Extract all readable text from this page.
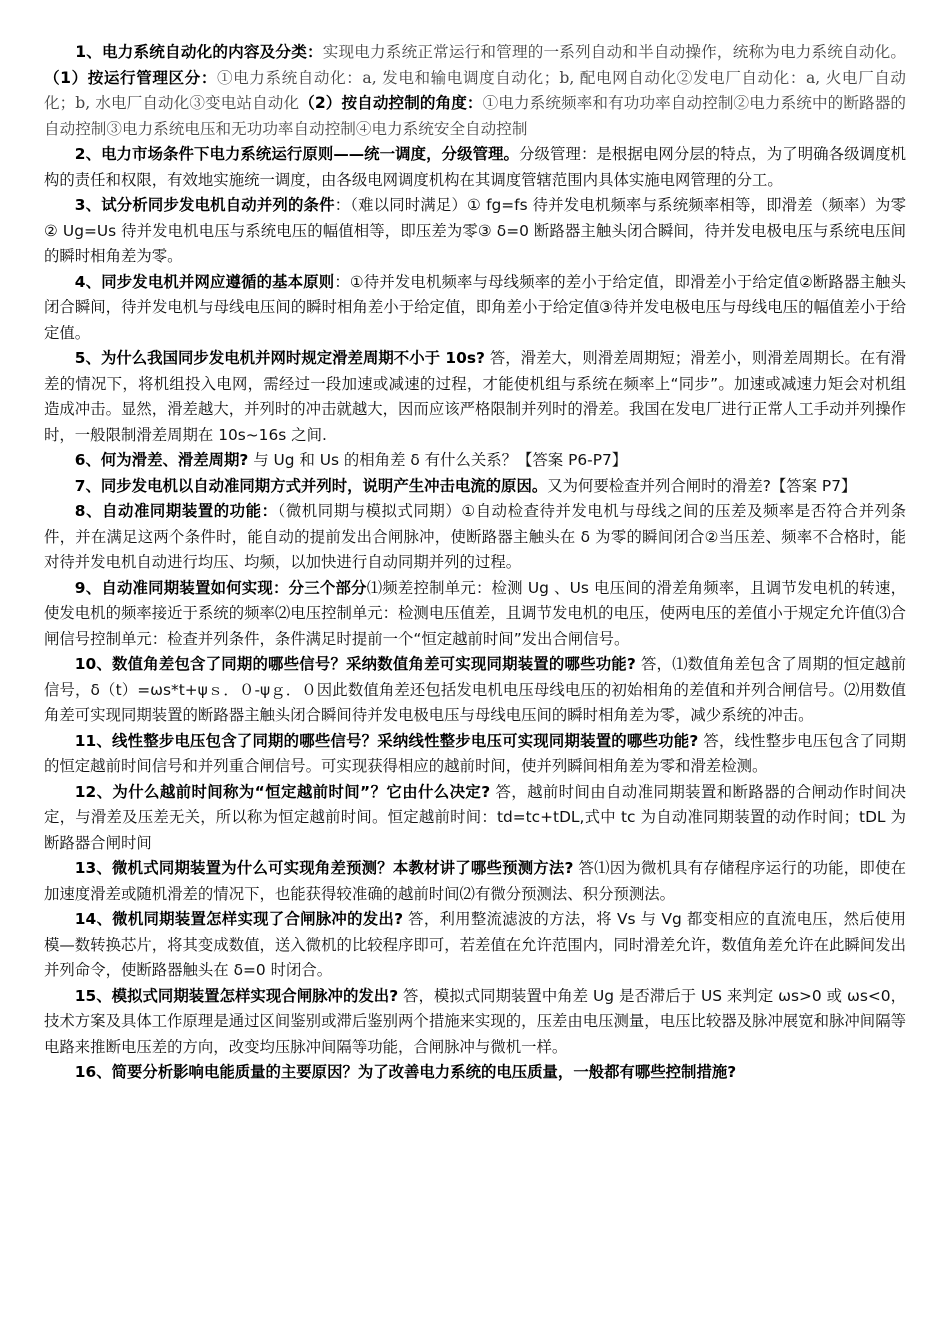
1、电力系统自动化的内容及分类：实现电力系统正常运行和管理的一系列自动和半自动操作，统称为电力系统自动化。（1）按运行管理区分：①电力系统自动化：a, 发电和输电调度自动化；b, 配电网自动化②发电厂自动化：a, 火电厂自动化；b, 水电厂自动化③变电站自动化（2）按自动控制的角度：①电力系统频率和有功功率自动控制②电力系统中的断路器的自动控制③电力系统电压和无功功率自动控制④电力系统安全自动控制

2、电力市场条件下电力系统运行原则——统一调度，分级管理。分级管理：是根据电网分层的特点，为了明确各级调度机构的责任和权限，有效地实施统一调度，由各级电网调度机构在其调度管辖范围内具体实施电网管理的分工。

3、试分析同步发电机自动并列的条件：（难以同时满足）① fg=fs 待并发电机频率与系统频率相等，即滑差（频率）为零 ② Ug=Us 待并发电机电压与系统电压的幅值相等，即压差为零③ δ=0 断路器主触头闭合瞬间，待并发电极电压与系统电压间的瞬时相角差为零。

4、同步发电机并网应遵循的基本原则：①待并发电机频率与母线频率的差小于给定值，即滑差小于给定值②断路器主触头闭合瞬间，待并发电机与母线电压间的瞬时相角差小于给定值，即角差小于给定值③待并发电极电压与母线电压的幅值差小于给定值。

5、为什么我国同步发电机并网时规定滑差周期不小于 10s? 答，滑差大，则滑差周期短；滑差小，则滑差周期长。在有滑差的情况下，将机组投入电网，需经过一段加速或减速的过程，才能使机组与系统在频率上“同步”。加速或减速力矩会对机组造成冲击。显然，滑差越大，并列时的冲击就越大，因而应该严格限制并列时的滑差。我国在发电厂进行正常人工手动并列操作时，一般限制滑差周期在 10s~16s 之间.

6、何为滑差、滑差周期? 与 Ug 和 Us 的相角差 δ 有什么关系？【答案 P6-P7】

7、同步发电机以自动准同期方式并列时，说明产生冲击电流的原因。又为何要检查并列合闸时的滑差?【答案 P7】

8、自动准同期装置的功能：（微机同期与模拟式同期）①自动检查待并发电机与母线之间的压差及频率是否符合并列条件，并在满足这两个条件时，能自动的提前发出合闸脉冲，使断路器主触头在 δ 为零的瞬间闭合②当压差、频率不合格时，能对待并发电机自动进行均压、均频，以加快进行自动同期并列的过程。

9、自动准同期装置如何实现：分三个部分⑴频差控制单元：检测 Ug 、Us 电压间的滑差角频率，且调节发电机的转速，使发电机的频率接近于系统的频率⑵电压控制单元：检测电压值差，且调节发电机的电压，使两电压的差值小于规定允许值⑶合闸信号控制单元：检查并列条件，条件满足时提前一个“恒定越前时间”发出合闸信号。

10、数值角差包含了同期的哪些信号？采纳数值角差可实现同期装置的哪些功能? 答，⑴数值角差包含了周期的恒定越前信号，δ（t）=ωs*t+ψｓ．０-ψｇ．０因此数值角差还包括发电机电压母线电压的初始相角的差值和并列合闸信号。⑵用数值角差可实现同期装置的断路器主触头闭合瞬间待并发电极电压与母线电压间的瞬时相角差为零，减少系统的冲击。

11、线性整步电压包含了同期的哪些信号？采纳线性整步电压可实现同期装置的哪些功能? 答，线性整步电压包含了同期的恒定越前时间信号和并列重合闸信号。可实现获得相应的越前时间，使并列瞬间相角差为零和滑差检测。

12、为什么越前时间称为“恒定越前时间”？它由什么决定? 答，越前时间由自动准同期装置和断路器的合闸动作时间决定，与滑差及压差无关，所以称为恒定越前时间。恒定越前时间：td=tc+tDL,式中 tc 为自动准同期装置的动作时间；tDL 为断路器合闸时间

13、微机式同期装置为什么可实现角差预测？本教材讲了哪些预测方法? 答⑴因为微机具有存储程序运行的功能，即使在加速度滑差或随机滑差的情况下，也能获得较准确的越前时间⑵有微分预测法、积分预测法。

14、微机同期装置怎样实现了合闸脉冲的发出? 答，利用整流滤波的方法，将 Vs 与 Vg 都变相应的直流电压，然后使用模—数转换芯片，将其变成数值，送入微机的比较程序即可，若差值在允许范围内，同时滑差允许，数值角差允许在此瞬间发出并列命令，使断路器触头在 δ=0 时闭合。

15、模拟式同期装置怎样实现合闸脉冲的发出? 答，模拟式同期装置中角差 Ug 是否滞后于 US 来判定 ωs>0 或 ωs<0，技术方案及具体工作原理是通过区间鉴别或滞后鉴别两个措施来实现的，压差由电压测量，电压比较器及脉冲展宽和脉冲间隔等电路来推断电压差的方向，改变均压脉冲间隔等功能，合闸脉冲与微机一样。

16、简要分析影响电能质量的主要原因？为了改善电力系统的电压质量，一般都有哪些控制措施?
